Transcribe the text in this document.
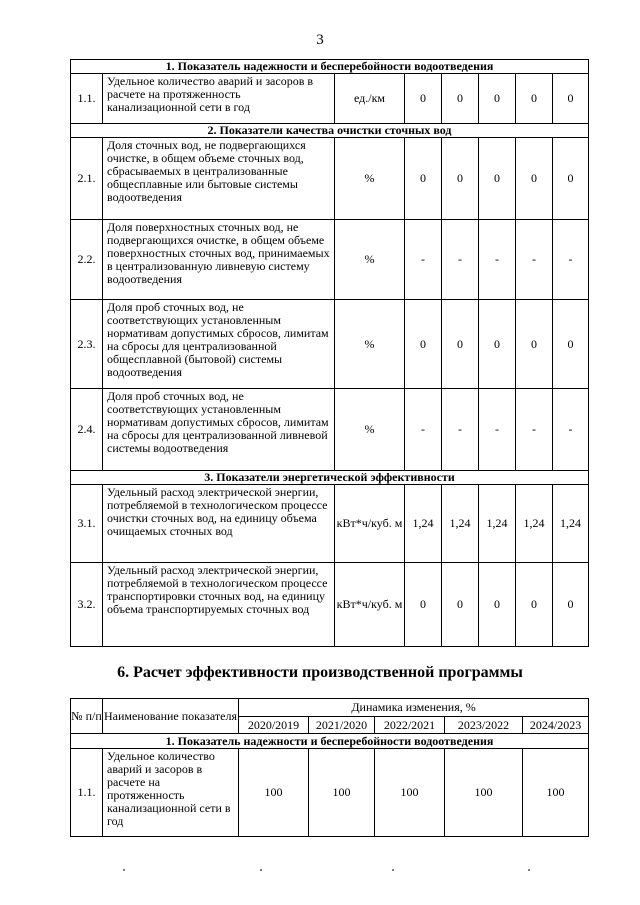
3
1. Показатель надежности и бесперебойности водоотведения							
1.1.	Удельное количество аварий и засоров в расчете на протяженность канализационной сети в год	ед./км	0	0	0	0	0
2. Показатели качества очистки сточных вод							
2.1.	Доля сточных вод, не подвергающихся очистке, в общем объеме сточных вод, сбрасываемых в централизованные общесплавные или бытовые системы водоотведения	%	0	0	0	0	0
2.2.	Доля поверхностных сточных вод, не подвергающихся очистке, в общем объеме поверхностных сточных вод, принимаемых в централизованную ливневую систему водоотведения	%	-	-	-	-	-
2.3.	Доля проб сточных вод, не соответствующих установленным нормативам допустимых сбросов, лимитам на сбросы для централизованной общесплавной (бытовой) системы водоотведения	%	0	0	0	0	0
2.4.	Доля проб сточных вод, не соответствующих установленным нормативам допустимых сбросов, лимитам на сбросы для централизованной ливневой системы водоотведения	%	-	-	-	-	-
3. Показатели энергетической эффективности							
3.1.	Удельный расход электрической энергии, потребляемой в технологическом процессе очистки сточных вод, на единицу объема очищаемых сточных вод	кВт*ч/куб. м	1,24	1,24	1,24	1,24	1,24
3.2.	Удельный расход электрической энергии, потребляемой в технологическом процессе транспортировки сточных вод, на единицу объема транспортируемых сточных вод	кВт*ч/куб. м	0	0	0	0	0
6. Расчет эффективности производственной программы
№ п/п	Наименование показателя	Динамика изменения, %				
		2020/2019	2021/2020	2022/2021	2023/2022	2024/2023
1. Показатель надежности и бесперебойности водоотведения						
1.1.	Удельное количество аварий и засоров в расчете на протяженность канализационной сети в год	100	100	100	100	100
